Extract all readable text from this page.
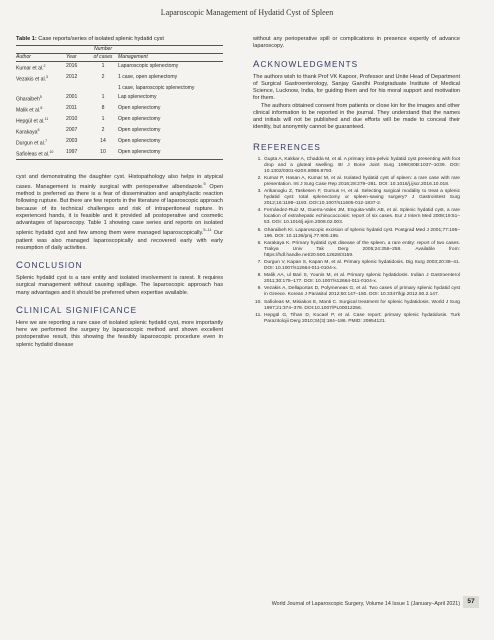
Laparoscopic Management of Hydatid Cyst of Spleen
Table 1: Case reports/series of isolated splenic hydatid cyst
		Number	
Author	Year	of cases	Management
Kumar et al.$^2$	2016	1	Laparoscopic splenectomy
Vezakis et al.$^3$	2012	2	1 case, open splenectomy
			1 case, laparoscopic splenectomy
Gharaibeh$^5$	2001	1	Lap splenectomy
Malik et al.$^8$	2011	8	Open splenectomy
Hepgül et al.$^{11}$	2010	1	Open splenectomy
Karakaya$^6$	2007	2	Open splenectomy
Durgun et al.$^7$	2003	14	Open splenectomy
Safioleas et al.$^{10}$	1997	10	Open splenectomy

cyst and demonstrating the daughter cyst. Histopathology also helps in atypical cases. Management is mainly surgical with perioperative albendazole.$^5$ Open method is preferred as there is a fear of dissemination and anaphylactic reaction following rupture. But there are few reports in the literature of laparoscopic approach because of its technical challenges and risk of intraperitoneal rupture. In experienced hands, it is feasible and it provided all postoperative and cosmetic advantages of laparoscopy. Table 1 showing case series and reports on isolated splenic hydatid cyst and few among them were managed laparoscopically.$^{5-11}$ Our patient was also managed laparoscopically and recovered early with early resumption of daily activities.

CONCLUSION

Splenic hydatid cyst is a rare entity and isolated involvement is rarest. It requires surgical management without causing spillage. The laparoscopic approach has many advantages and it should be preferred when expertise available.

CLINICAL SIGNIFICANCE

Here we are reporting a rare case of isolated splenic hydatid cyst, more importantly here we performed the surgery by laparoscopic method and shown excellent postoperative result, this showing the feasibly laparoscopic procedure even in splenic hydatid disease

without any perioperative spill or complications in presence expertly of advance laparoscopy.

ACKNOWLEDGMENTS

The authors wish to thank Prof VK Kapoor, Professor and Unite Head of Department of Surgical Gastroenterology, Sanjay Gandhi Postgraduate Institute of Medical Science, Lucknow, India, for guiding them and for his moral support and motivation for them.

The authors obtained consent from patients or close kin for the images and other clinical information to be reported in the journal. They understand that the names and initials will not be published and due efforts will be made to conceal their identity, but anonymity cannot be guaranteed.

REFERENCES
1. Gupta A, Kakkar A, Chadda M, et al. A primary intra-pelvic hydatid cyst presenting with foot drop and a gluteal swelling. Br J Bone Joint Surg 1998;80B:1037–1039. DOI: 10.1302/0301-620X.80B6.8793.
2. Kumar P, Hasan A, Kumar M, et al. Isolated hydatid cyst of spleen: a rare case with rare presentation. Int J Surg Case Rep 2016;28:279–281. DOI: 10.1016/j.ijscr.2016.10.018.
3. Arikanoglu Z, Taskesen F, Gumus H, et al. Selecting surgical modality to treat a splenic hydatid cyst: total splenectomy or spleen-saving surgery? J Gastrointest Surg 2012;16:1198–1193. DOI:10.1007/s11605-012-1837-2.
4. Fernández-Ruiz M, Guerra-Vales JM, Enguita-Valls AB, et al. Splenic hydatid cyst, a rare location of extrahepatic echinococcosis: report of six cases. Eur J Intern Med 2008;19:51–53. DOI: 10.1016/j.ejim.2008.02.003.
5. Gharaibeh KI. Laparoscopic excision of splenic hydatid cyst. Postgrad Med J 2001;77:195–196. DOI: 10.1136/pmj.77.905.195.
6. Karakaya K. Primary hydatid cyst disease of the spleen, a rare entity: report of two cases. Trakya Univ Tak Derg 2005;24:256–258. Available from: https://hdl.handle.net/20.500.12628/3159.
7. Durgun V, Kapan S, Kapan M, et al. Primary splenic hydatidosis. Dig Surg 2003;20:38–41. DOI: 10.1007/s12664-011-0104-x.
8. Malik AA, ul Bari S, Younis M, et al. Primary splenic hydatidosis. Indian J Gastroenterol 2011;30:175–177. DOI: 10.1007/s12664-011-0104-x.
9. Vezakis A, Dellaportas D, Polymeneas G, et al. Two cases of primary splenic hydatid cyst in Greece. Korean J Parasitol 2012;50:147–150. DOI: 10.3347/kjp.2012.50.2.147.
10. Safioleas M, Misiakos E, Manti C. Surgical treatment for splenic hydatidosis. World J Surg 1997;21:374–378. DOI:10.1007/PL00012256.
11. Hepgül G, Tihan D, Kocael P, et al. Case report: primary splenic hydatidosis. Turk Parazitolojii Derg 2010;34(3):184–186. PMID: 20954121.
World Journal of Laparoscopic Surgery, Volume 14 Issue 1 (January–April 2021)	57
